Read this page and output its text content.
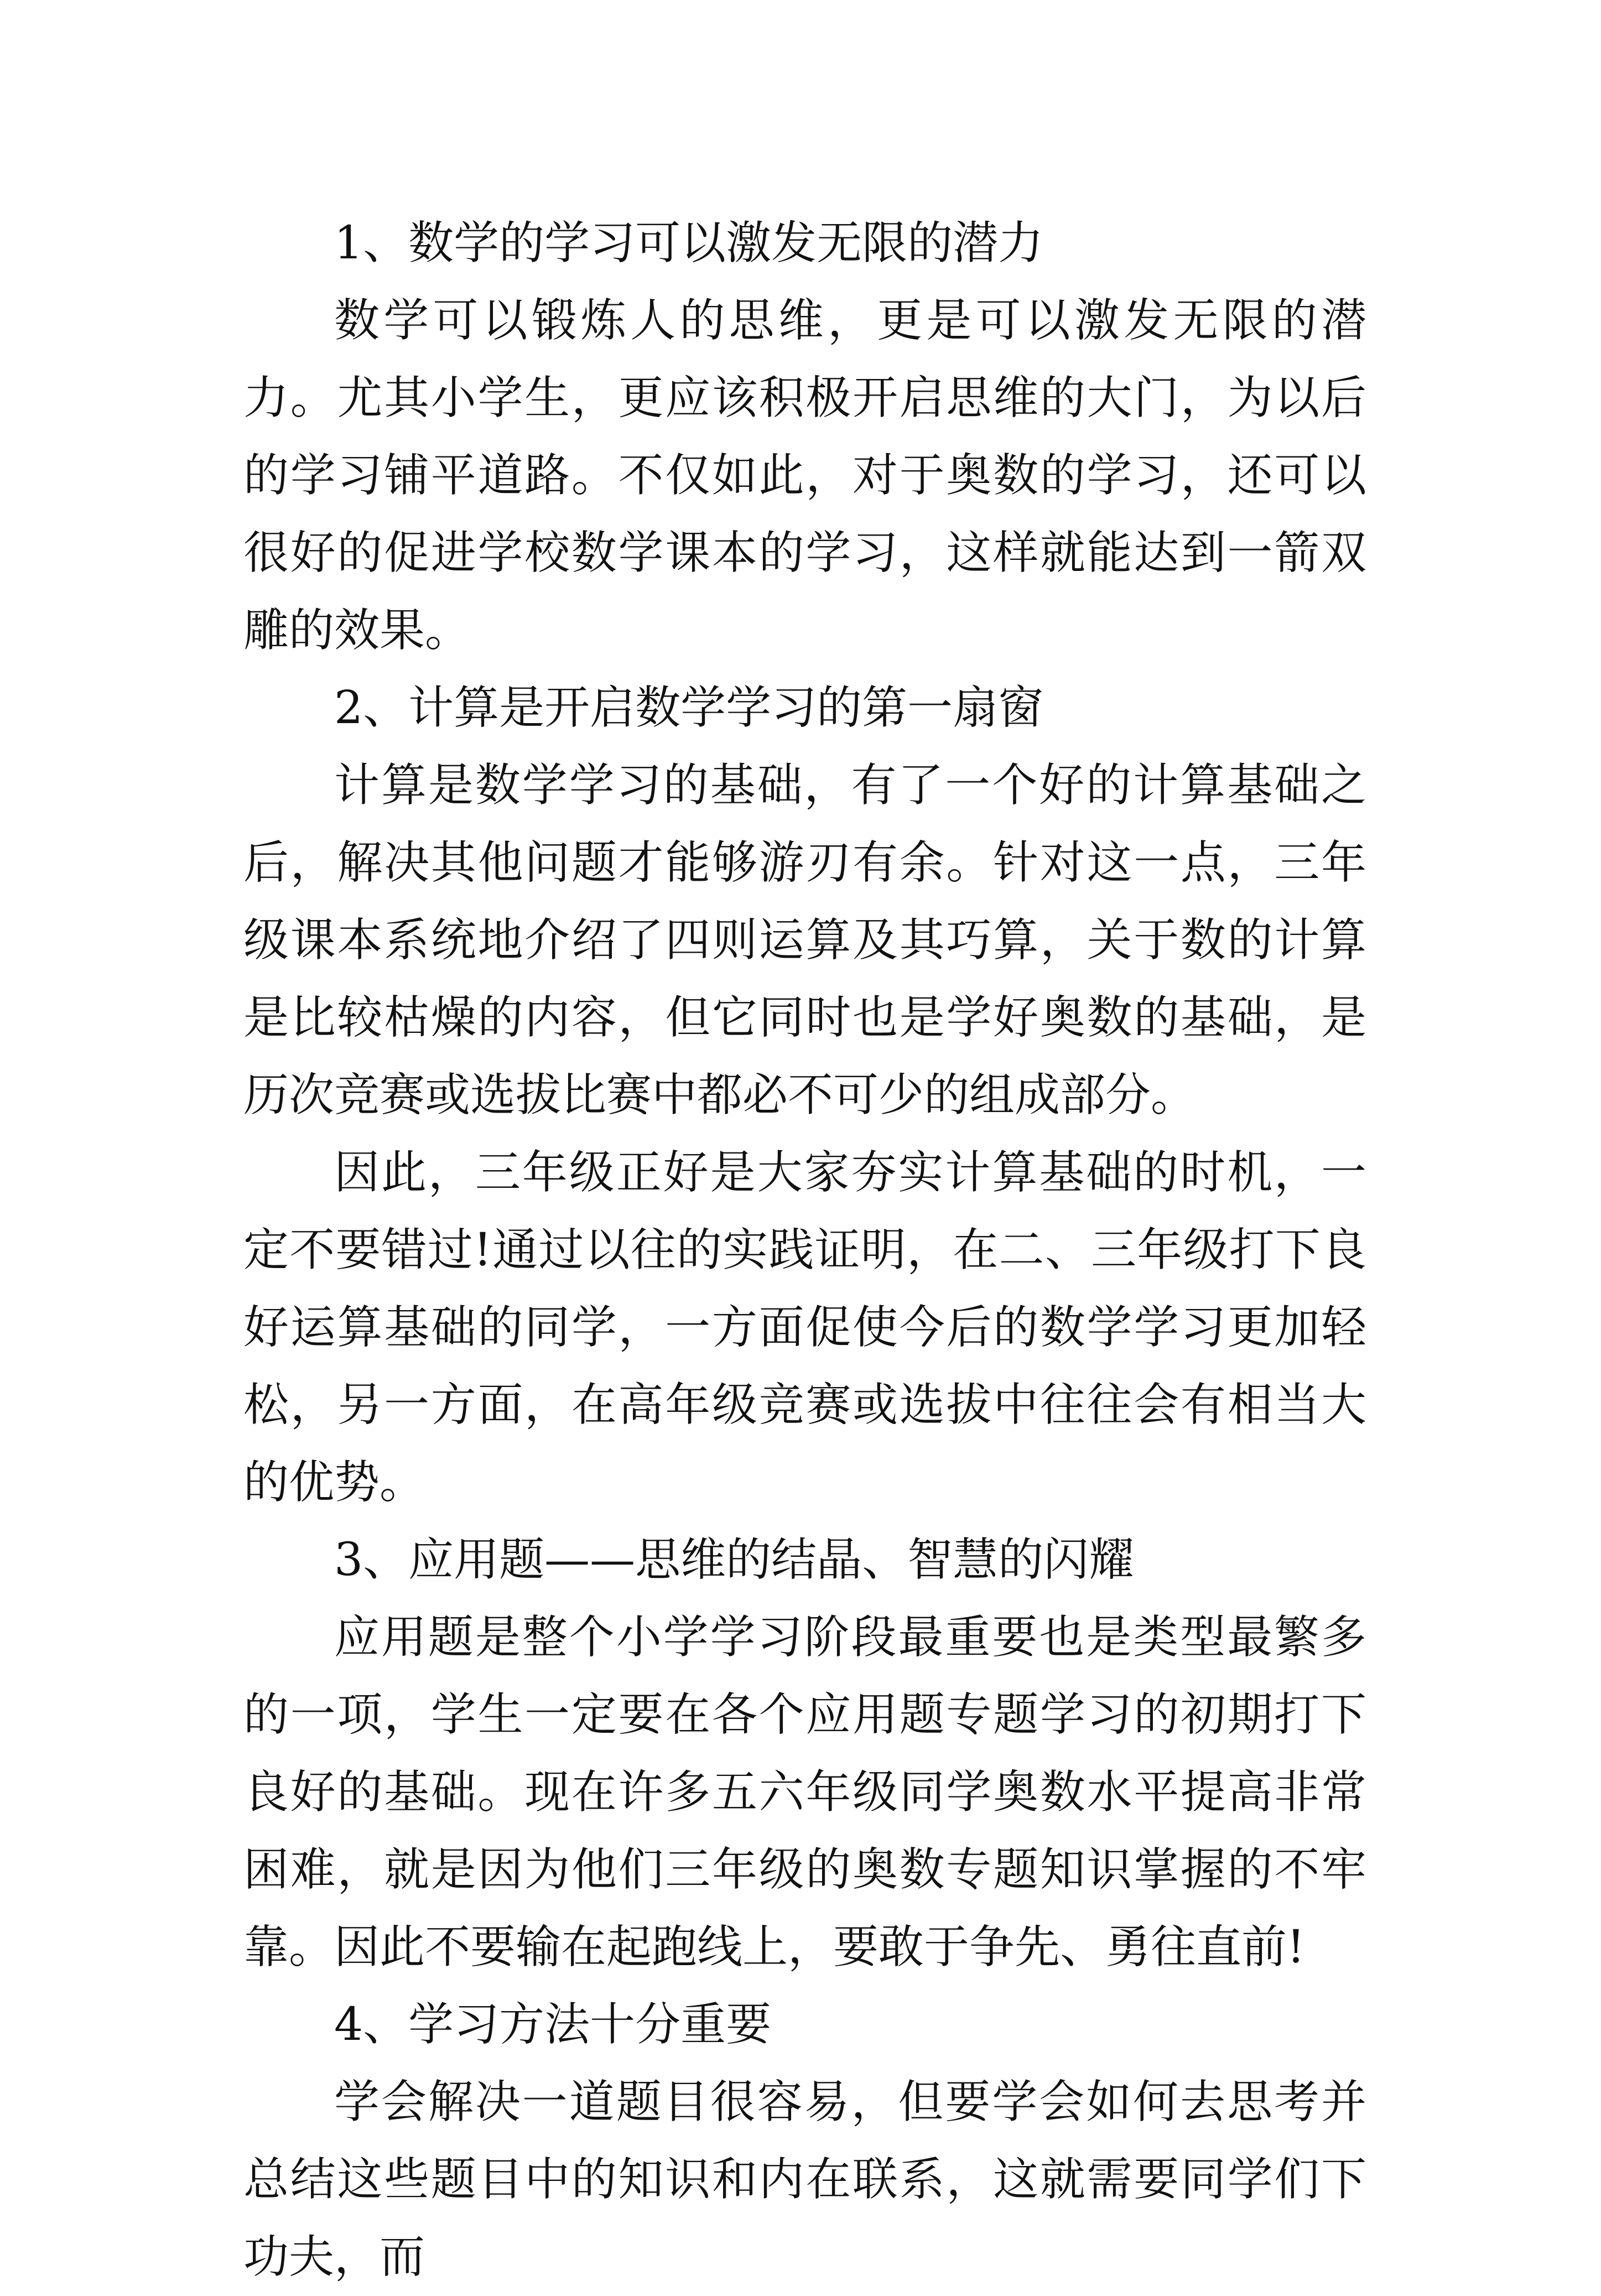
1、数学的学习可以激发无限的潜力

数学可以锻炼人的思维，更是可以激发无限的潜力。尤其小学生，更应该积极开启思维的大门，为以后的学习铺平道路。不仅如此，对于奥数的学习，还可以很好的促进学校数学课本的学习，这样就能达到一箭双雕的效果。

2、计算是开启数学学习的第一扇窗

计算是数学学习的基础，有了一个好的计算基础之后，解决其他问题才能够游刃有余。针对这一点，三年级课本系统地介绍了四则运算及其巧算，关于数的计算是比较枯燥的内容，但它同时也是学好奥数的基础，是历次竞赛或选拔比赛中都必不可少的组成部分。

因此，三年级正好是大家夯实计算基础的时机，一定不要错过!通过以往的实践证明，在二、三年级打下良好运算基础的同学，一方面促使今后的数学学习更加轻松，另一方面，在高年级竞赛或选拔中往往会有相当大的优势。

3、应用题——思维的结晶、智慧的闪耀

应用题是整个小学学习阶段最重要也是类型最繁多的一项，学生一定要在各个应用题专题学习的初期打下良好的基础。现在许多五六年级同学奥数水平提高非常困难，就是因为他们三年级的奥数专题知识掌握的不牢靠。因此不要输在起跑线上，要敢于争先、勇往直前!

4、学习方法十分重要

学会解决一道题目很容易，但要学会如何去思考并总结这些题目中的知识和内在联系，这就需要同学们下功夫，而
